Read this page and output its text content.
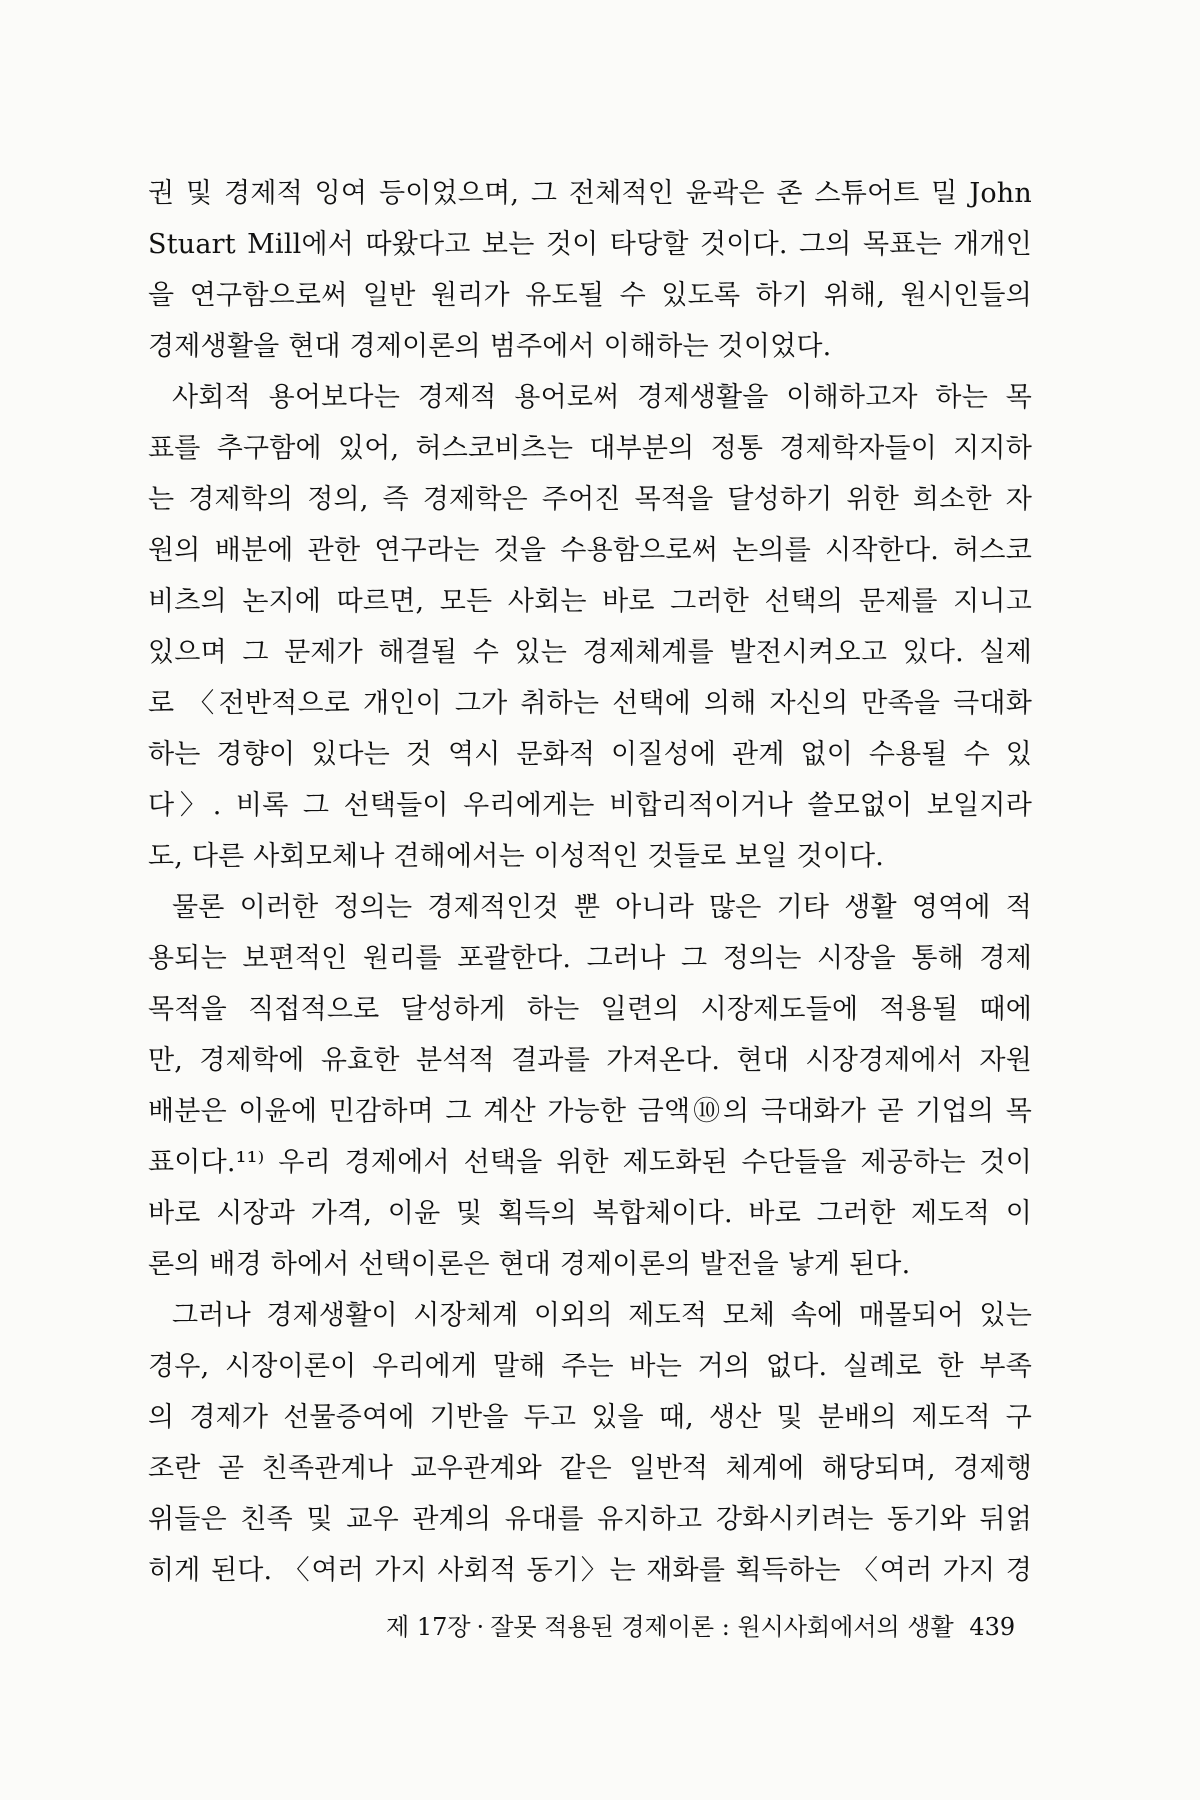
권 및 경제적 잉여 등이었으며, 그 전체적인 윤곽은 존 스튜어트 밀 John
Stuart Mill에서 따왔다고 보는 것이 타당할 것이다. 그의 목표는 개개인
을 연구함으로써 일반 원리가 유도될 수 있도록 하기 위해, 원시인들의
경제생활을 현대 경제이론의 범주에서 이해하는 것이었다.
사회적 용어보다는 경제적 용어로써 경제생활을 이해하고자 하는 목
표를 추구함에 있어, 허스코비츠는 대부분의 정통 경제학자들이 지지하
는 경제학의 정의, 즉 경제학은 주어진 목적을 달성하기 위한 희소한 자
원의 배분에 관한 연구라는 것을 수용함으로써 논의를 시작한다. 허스코
비츠의 논지에 따르면, 모든 사회는 바로 그러한 선택의 문제를 지니고
있으며 그 문제가 해결될 수 있는 경제체계를 발전시켜오고 있다. 실제
로 〈전반적으로 개인이 그가 취하는 선택에 의해 자신의 만족을 극대화
하는 경향이 있다는 것 역시 문화적 이질성에 관계 없이 수용될 수 있
다〉. 비록 그 선택들이 우리에게는 비합리적이거나 쓸모없이 보일지라
도, 다른 사회모체나 견해에서는 이성적인 것들로 보일 것이다.
물론 이러한 정의는 경제적인것 뿐 아니라 많은 기타 생활 영역에 적
용되는 보편적인 원리를 포괄한다. 그러나 그 정의는 시장을 통해 경제
목적을 직접적으로 달성하게 하는 일련의 시장제도들에 적용될 때에
만, 경제학에 유효한 분석적 결과를 가져온다. 현대 시장경제에서 자원
배분은 이윤에 민감하며 그 계산 가능한 금액⑩의 극대화가 곧 기업의 목
표이다.¹¹⁾ 우리 경제에서 선택을 위한 제도화된 수단들을 제공하는 것이
바로 시장과 가격, 이윤 및 획득의 복합체이다. 바로 그러한 제도적 이
론의 배경 하에서 선택이론은 현대 경제이론의 발전을 낳게 된다.
그러나 경제생활이 시장체계 이외의 제도적 모체 속에 매몰되어 있는
경우, 시장이론이 우리에게 말해 주는 바는 거의 없다. 실례로 한 부족
의 경제가 선물증여에 기반을 두고 있을 때, 생산 및 분배의 제도적 구
조란 곧 친족관계나 교우관계와 같은 일반적 체계에 해당되며, 경제행
위들은 친족 및 교우 관계의 유대를 유지하고 강화시키려는 동기와 뒤얽
히게 된다. 〈여러 가지 사회적 동기〉는 재화를 획득하는 〈여러 가지 경
제 17장 · 잘못 적용된 경제이론 : 원시사회에서의 생활 439
